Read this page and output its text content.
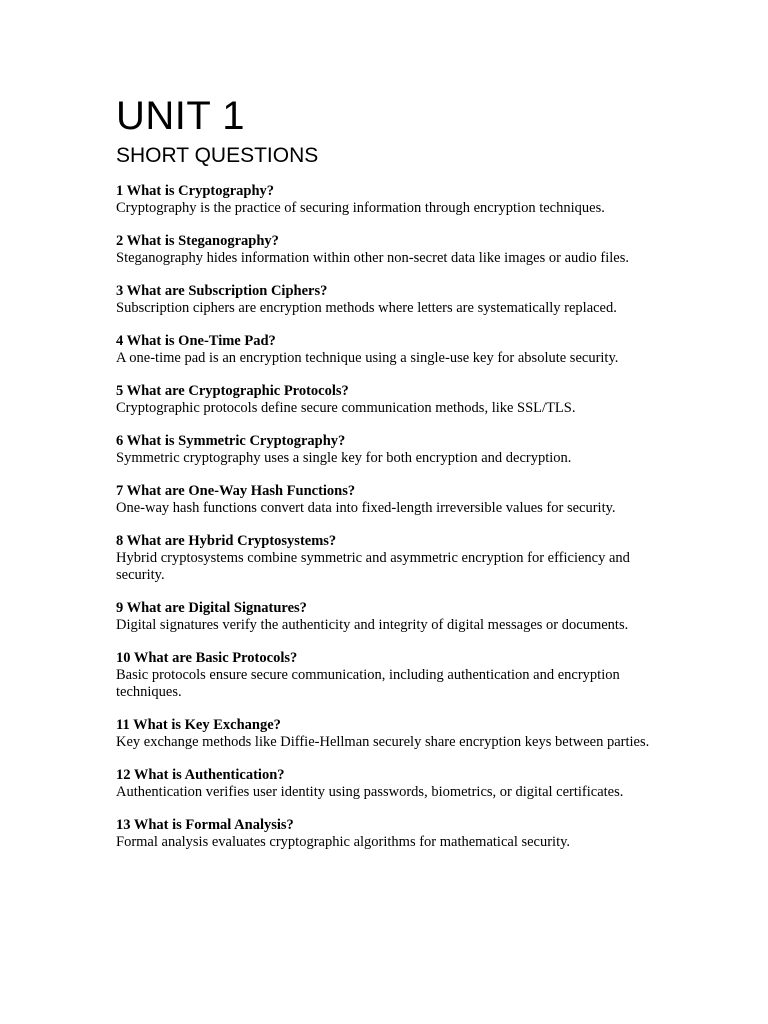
UNIT 1
SHORT QUESTIONS

1 What is Cryptography?

Cryptography is the practice of securing information through encryption techniques.

2 What is Steganography?

Steganography hides information within other non-secret data like images or audio files.

3 What are Subscription Ciphers?

Subscription ciphers are encryption methods where letters are systematically replaced.

4 What is One-Time Pad?

A one-time pad is an encryption technique using a single-use key for absolute security.

5 What are Cryptographic Protocols?

Cryptographic protocols define secure communication methods, like SSL/TLS.

6 What is Symmetric Cryptography?

Symmetric cryptography uses a single key for both encryption and decryption.

7 What are One-Way Hash Functions?

One-way hash functions convert data into fixed-length irreversible values for security.

8 What are Hybrid Cryptosystems?

Hybrid cryptosystems combine symmetric and asymmetric encryption for efficiency and security.

9 What are Digital Signatures?

Digital signatures verify the authenticity and integrity of digital messages or documents.

10 What are Basic Protocols?

Basic protocols ensure secure communication, including authentication and encryption techniques.

11 What is Key Exchange?

Key exchange methods like Diffie-Hellman securely share encryption keys between parties.

12 What is Authentication?

Authentication verifies user identity using passwords, biometrics, or digital certificates.

13 What is Formal Analysis?

Formal analysis evaluates cryptographic algorithms for mathematical security.
